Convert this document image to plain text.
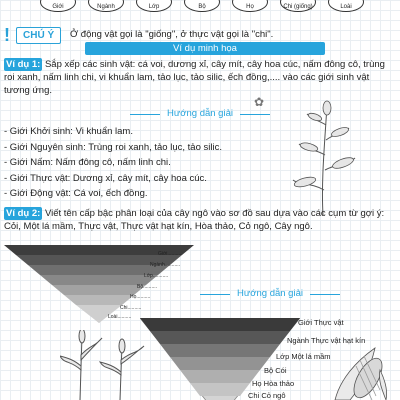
Giới	Ngành	Lớp	Bộ	Họ	Chi (giống)	Loài
!	CHÚ Ý	Ở động vật gọi là "giống", ở thực vật gọi là "chi".
Ví dụ minh họa
Ví dụ 1: Sắp xếp các sinh vật: cá voi, dương xỉ, cây mít, cây hoa cúc, nấm đông cô, trùng roi xanh, nấm linh chi, vi khuẩn lam, tảo lục, tảo silic, ếch đồng,.... vào các giới sinh vật tương ứng.
Hướng dẫn giải
✿
- Giới Khởi sinh: Vi khuẩn lam.
- Giới Nguyên sinh: Trùng roi xanh, tảo lục, tảo silic.
- Giới Nấm: Nấm đông cô, nấm linh chi.
- Giới Thực vật: Dương xỉ, cây mít, cây hoa cúc.
- Giới Động vật: Cá voi, ếch đồng.
Ví dụ 2: Viết tên cấp bậc phân loại của cây ngô vào sơ đồ sau dựa vào các cụm từ gợi ý: Cỏi, Một lá mầm, Thực vật, Thực vật hạt kín, Hòa thảo, Cỏ ngô, Cây ngô.
Giới..........
Ngành...........
Lớp...........
Bộ..........
Họ..........
Chi..........
Loài..........
Hướng dẫn giải
Giới Thực vật
Ngành Thực vật hạt kín
Lớp Một lá mầm
Bộ Cói
Họ Hòa thảo
Chi Cỏ ngô
